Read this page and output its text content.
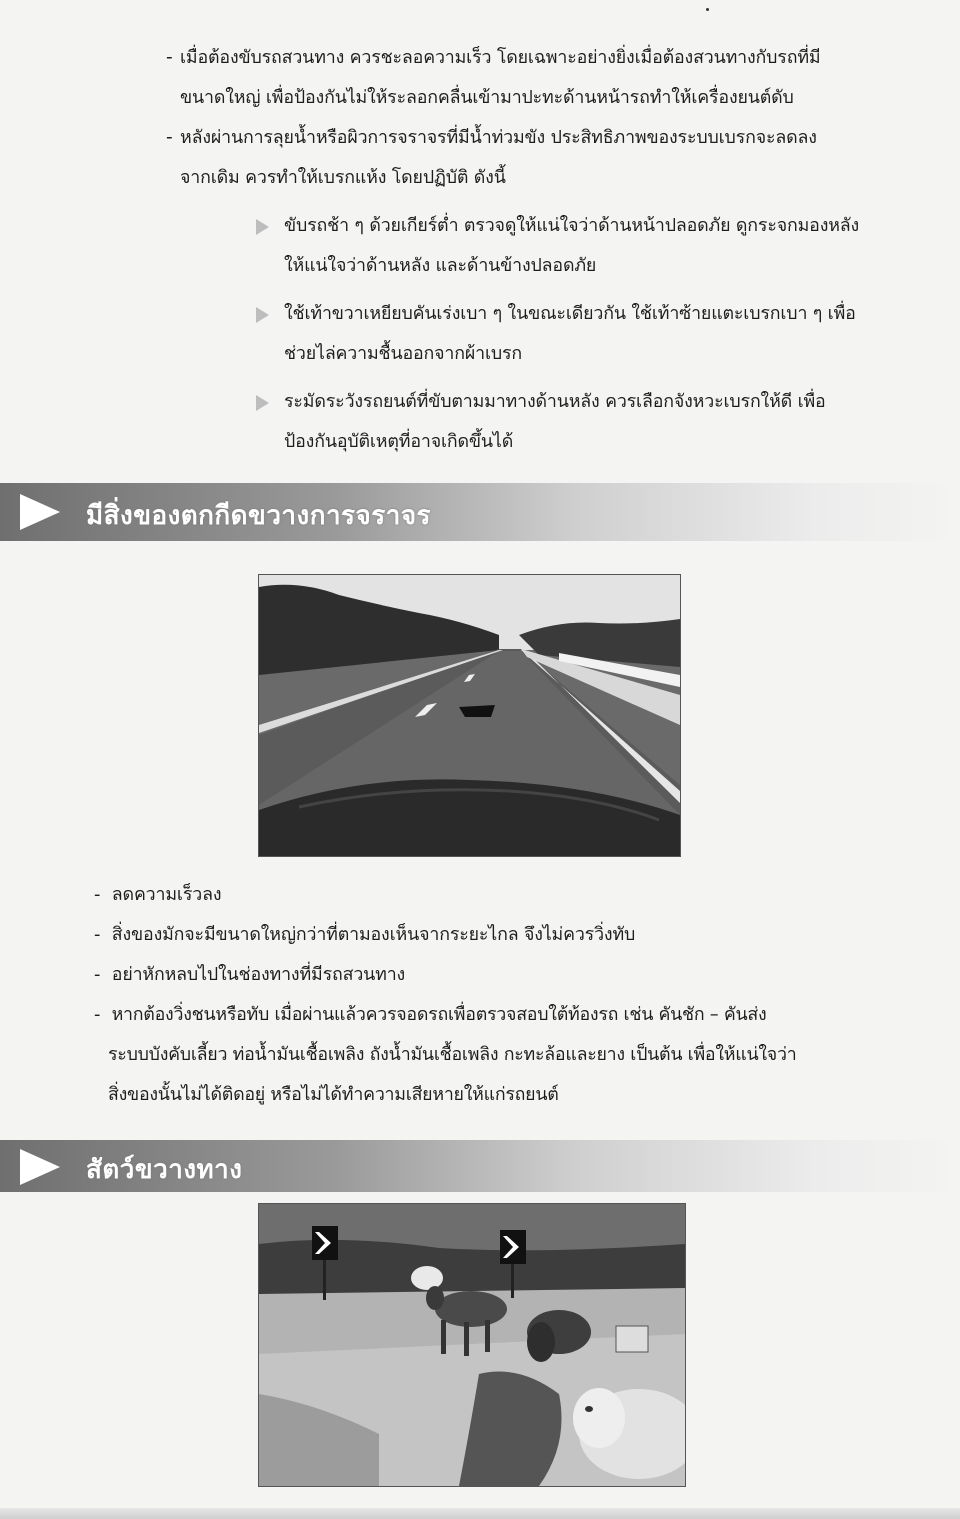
- เมื่อต้องขับรถสวนทาง ควรชะลอความเร็ว โดยเฉพาะอย่างยิ่งเมื่อต้องสวนทางกับรถที่มี
ขนาดใหญ่ เพื่อป้องกันไม่ให้ระลอกคลื่นเข้ามาปะทะด้านหน้ารถทำให้เครื่องยนต์ดับ
- หลังผ่านการลุยน้ำหรือผิวการจราจรที่มีน้ำท่วมขัง ประสิทธิภาพของระบบเบรกจะลดลง
จากเดิม ควรทำให้เบรกแห้ง โดยปฏิบัติ ดังนี้
ขับรถช้า ๆ ด้วยเกียร์ต่ำ ตรวจดูให้แน่ใจว่าด้านหน้าปลอดภัย ดูกระจกมองหลัง
ให้แน่ใจว่าด้านหลัง และด้านข้างปลอดภัย
ใช้เท้าขวาเหยียบคันเร่งเบา ๆ ในขณะเดียวกัน ใช้เท้าซ้ายแตะเบรกเบา ๆ เพื่อ
ช่วยไล่ความชื้นออกจากผ้าเบรก
ระมัดระวังรถยนต์ที่ขับตามมาทางด้านหลัง ควรเลือกจังหวะเบรกให้ดี เพื่อ
ป้องกันอุบัติเหตุที่อาจเกิดขึ้นได้
มีสิ่งของตกกีดขวางการจราจร
- ลดความเร็วลง
- สิ่งของมักจะมีขนาดใหญ่กว่าที่ตามองเห็นจากระยะไกล จึงไม่ควรวิ่งทับ
- อย่าหักหลบไปในช่องทางที่มีรถสวนทาง
- หากต้องวิ่งชนหรือทับ เมื่อผ่านแล้วควรจอดรถเพื่อตรวจสอบใต้ท้องรถ เช่น คันชัก – คันส่ง
ระบบบังคับเลี้ยว ท่อน้ำมันเชื้อเพลิง ถังน้ำมันเชื้อเพลิง กะทะล้อและยาง เป็นต้น เพื่อให้แน่ใจว่า
สิ่งของนั้นไม่ได้ติดอยู่ หรือไม่ได้ทำความเสียหายให้แก่รถยนต์
สัตว์ขวางทาง
